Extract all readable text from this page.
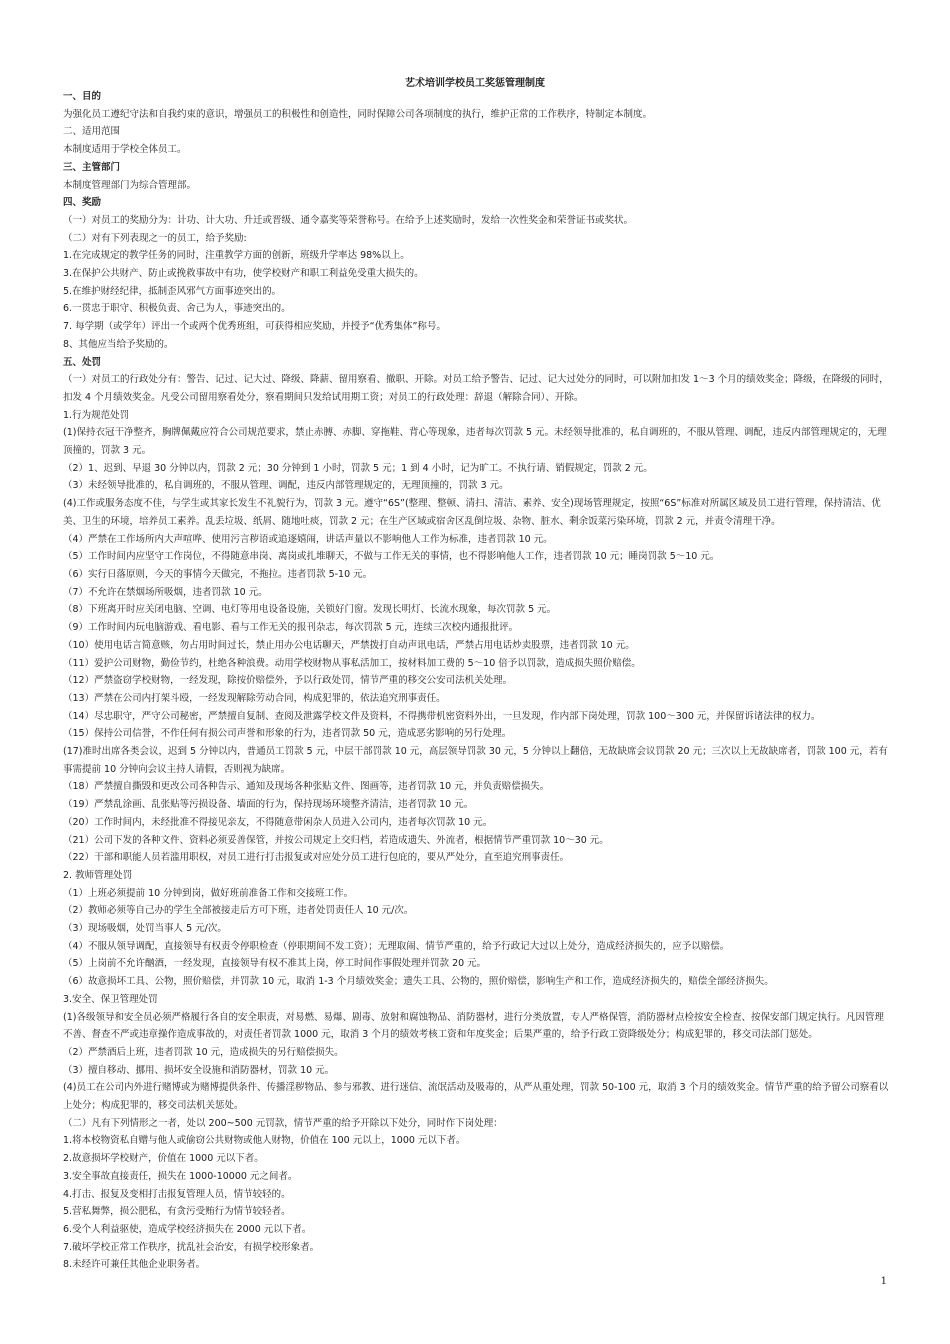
艺术培训学校员工奖惩管理制度

一、目的

为强化员工遵纪守法和自我约束的意识，增强员工的积极性和创造性，同时保障公司各项制度的执行，维护正常的工作秩序，特制定本制度。

二、适用范围

本制度适用于学校全体员工。

三、主管部门

本制度管理部门为综合管理部。

四、奖励

（一）对员工的奖励分为：计功、计大功、升迁或晋级、通令嘉奖等荣誉称号。在给予上述奖励时，发给一次性奖金和荣誉证书或奖状。

（二）对有下列表现之一的员工，给予奖励:

1.在完成规定的教学任务的同时，注重教学方面的创新，班级升学率达 98%以上。

3.在保护公共财产、防止或挽救事故中有功，使学校财产和职工利益免受重大损失的。

5.在维护财经纪律，抵制歪风邪气方面事迹突出的。

6.一贯忠于职守、积极负责、舍己为人，事迹突出的。

7. 每学期（或学年）评出一个或两个优秀班组，可获得相应奖励，并授予“优秀集体”称号。

8、其他应当给予奖励的。

五、处罚

（一）对员工的行政处分有：警告、记过、记大过、降级、降薪、留用察看、撤职、开除。对员工给予警告、记过、记大过处分的同时，可以附加扣发 1～3 个月的绩效奖金；降级，在降级的同时，扣发 4 个月绩效奖金。凡受公司留用察看处分，察看期间只发给试用期工资；对员工的行政处理：辞退（解除合同）、开除。

1.行为规范处罚

(1)保持衣冠干净整齐，胸牌佩戴应符合公司规范要求，禁止赤膊、赤脚、穿拖鞋、背心等现象，违者每次罚款 5 元。未经领导批准的，私自调班的，不服从管理、调配，违反内部管理规定的，无理顶撞的，罚款 3 元。

（2）1、迟到、早退 30 分钟以内，罚款 2 元；30 分钟到 1 小时，罚款 5 元；1 到 4 小时，记为旷工。不执行请、销假规定，罚款 2 元。

（3）未经领导批准的，私自调班的，不服从管理、调配，违反内部管理规定的，无理顶撞的，罚款 3 元。

(4)工作或服务态度不佳，与学生或其家长发生不礼貌行为，罚款 3 元。遵守“6S”(整理、整顿、清扫、清洁、素养、安全)现场管理规定，按照“6S”标准对所属区域及员工进行管理，保持清洁、优美、卫生的环境，培养员工素养。乱丢垃圾、纸屑、随地吐痰，罚款 2 元；在生产区域或宿舍区乱倒垃圾、杂物、脏水、剩余饭菜污染环境，罚款 2 元，并责令清理干净。

（4）严禁在工作场所内大声喧哗、使用污言秽语或追逐嬉闹，讲话声量以不影响他人工作为标准，违者罚款 10 元。

（5）工作时间内应坚守工作岗位，不得随意串岗、离岗或扎堆聊天，不做与工作无关的事情，也不得影响他人工作，违者罚款 10 元；睡岗罚款 5～10 元。

（6）实行日落原则，今天的事情今天做完，不拖拉。违者罚款 5-10 元。

（7）不允许在禁烟场所吸烟，违者罚款 10 元。

（8）下班离开时应关闭电脑、空调、电灯等用电设备设施，关锁好门窗。发现长明灯、长流水现象，每次罚款 5 元。

（9）工作时间内玩电脑游戏、看电影、看与工作无关的报刊杂志，每次罚款 5 元，连续三次校内通报批评。

（10）使用电话言简意赅，勿占用时间过长，禁止用办公电话聊天，严禁拨打自动声讯电话，严禁占用电话炒卖股票，违者罚款 10 元。

（11）爱护公司财物，勤俭节约，杜绝各种浪费。动用学校财物从事私活加工，按材料加工费的 5～10 倍予以罚款，造成损失照价赔偿。

（12）严禁盗窃学校财物，一经发现，除按价赔偿外，予以行政处罚，情节严重的移交公安司法机关处理。

（13）严禁在公司内打架斗殴，一经发现解除劳动合同，构成犯罪的，依法追究刑事责任。

（14）尽忠职守，严守公司秘密，严禁擅自复制、查阅及泄露学校文件及资料，不得携带机密资料外出，一旦发现，作内部下岗处理，罚款 100～300 元，并保留诉诸法律的权力。

（15）保持公司信誉，不作任何有损公司声誉和形象的行为，违者罚款 50 元，造成恶劣影响的另行处理。

(17)准时出席各类会议，迟到 5 分钟以内，普通员工罚款 5 元，中层干部罚款 10 元，高层领导罚款 30 元，5 分钟以上翻倍，无故缺席会议罚款 20 元；三次以上无故缺席者，罚款 100 元，若有事需提前 10 分钟向会议主持人请假，否则视为缺席。

（18）严禁擅自撕毁和更改公司各种告示、通知及现场各种张贴文件、图画等，违者罚款 10 元，并负责赔偿损失。

（19）严禁乱涂画、乱张贴等污损设备、墙面的行为，保持现场环境整齐清洁，违者罚款 10 元。

（20）工作时间内，未经批准不得接见亲友，不得随意带闲杂人员进入公司内，违者每次罚款 10 元。

（21）公司下发的各种文件、资料必须妥善保管，并按公司规定上交归档，若造成遗失、外流者，根据情节严重罚款 10～30 元。

（22）干部和职能人员若滥用职权，对员工进行打击报复或对应处分员工进行包庇的，要从严处分，直至追究刑事责任。

2. 教师管理处罚

（1）上班必须提前 10 分钟到岗，做好班前准备工作和交接班工作。

（2）教师必须等自己办的学生全部被接走后方可下班，违者处罚责任人 10 元/次。

（3）现场吸烟，处罚当事人 5 元/次。

（4）不服从领导调配，直接领导有权责令停职检查（停职期间不发工资）；无理取闹、情节严重的，给予行政记大过以上处分，造成经济损失的，应予以赔偿。

（5）上岗前不允许酗酒，一经发现，直接领导有权不准其上岗，停工时间作事假处理并罚款 20 元。

（6）故意损坏工具、公物，照价赔偿，并罚款 10 元，取消 1-3 个月绩效奖金；遗失工具、公物的，照价赔偿，影响生产和工作，造成经济损失的，赔偿全部经济损失。

3.安全、保卫管理处罚

(1)各级领导和安全员必须严格履行各自的安全职责，对易燃、易爆、剧毒、放射和腐蚀物品、消防器材，进行分类放置，专人严格保管，消防器材点检按安全检查、按保安部门规定执行。凡因管理不善、督查不严或违章操作造成事故的，对责任者罚款 1000 元，取消 3 个月的绩效考核工资和年度奖金；后果严重的，给予行政工资降级处分；构成犯罪的，移交司法部门惩处。

（2）严禁酒后上班，违者罚款 10 元，造成损失的另行赔偿损失。

（3）擅自移动、挪用、损坏安全设施和消防器材，罚款 10 元。

(4)员工在公司内外进行赌博或为赌博提供条件、传播淫秽物品、参与邪教、进行迷信、流氓活动及吸毒的，从严从重处理，罚款 50-100 元，取消 3 个月的绩效奖金。情节严重的给予留公司察看以上处分；构成犯罪的，移交司法机关惩处。

（二）凡有下列情形之一者，处以 200~500 元罚款，情节严重的给予开除以下处分，同时作下岗处理：

1.将本校物资私自赠与他人或偷窃公共财物或他人财物，价值在 100 元以上，1000 元以下者。

2.故意损坏学校财产，价值在 1000 元以下者。

3.安全事故直接责任，损失在 1000-10000 元之间者。

4.打击、报复及变相打击报复管理人员，情节较轻的。

5.营私舞弊，损公肥私，有贪污受贿行为情节较轻者。

6.受个人利益驱使，造成学校经济损失在 2000 元以下者。

7.破坏学校正常工作秩序，扰乱社会治安，有损学校形象者。

8.未经许可兼任其他企业职务者。

1
